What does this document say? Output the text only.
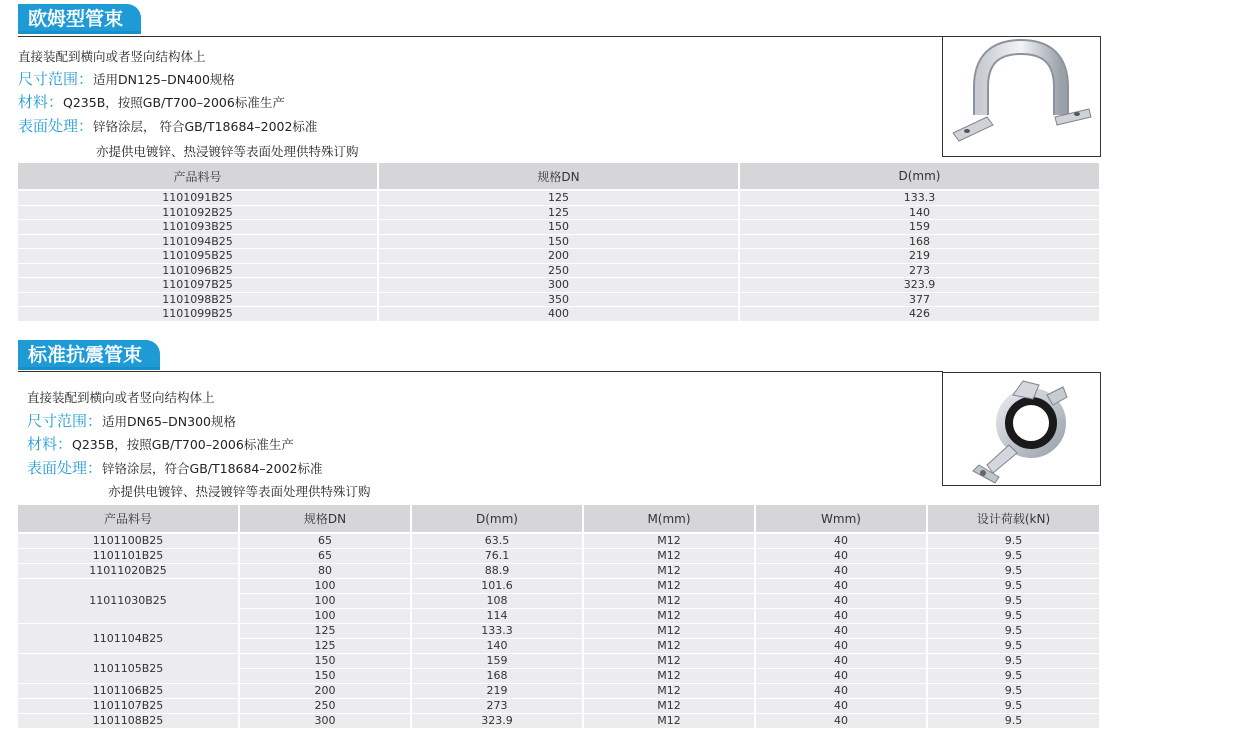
欧姆型管束
直接装配到横向或者竖向结构体上
尺寸范围：适用DN125–DN400规格
材料：Q235B，按照GB/T700–2006标准生产
表面处理：锌铬涂层， 符合GB/T18684–2002标准
亦提供电镀锌、热浸镀锌等表面处理供特殊订购
产品料号	规格DN	D(mm)
1101091B25	125	133.3
1101092B25	125	140
1101093B25	150	159
1101094B25	150	168
1101095B25	200	219
1101096B25	250	273
1101097B25	300	323.9
1101098B25	350	377
1101099B25	400	426
标准抗震管束
直接装配到横向或者竖向结构体上
尺寸范围：适用DN65–DN300规格
材料：Q235B，按照GB/T700–2006标准生产
表面处理：锌铬涂层，符合GB/T18684–2002标准
亦提供电镀锌、热浸镀锌等表面处理供特殊订购
产品料号	规格DN	D(mm)	M(mm)	Wmm)	设计荷载(kN)
1101100B25	65	63.5	M12	40	9.5
1101101B25	65	76.1	M12	40	9.5
11011020B25	80	88.9	M12	40	9.5
11011030B25	100	101.6	M12	40	9.5
	100	108	M12	40	9.5
	100	114	M12	40	9.5
1101104B25	125	133.3	M12	40	9.5
	125	140	M12	40	9.5
1101105B25	150	159	M12	40	9.5
	150	168	M12	40	9.5
1101106B25	200	219	M12	40	9.5
1101107B25	250	273	M12	40	9.5
1101108B25	300	323.9	M12	40	9.5
